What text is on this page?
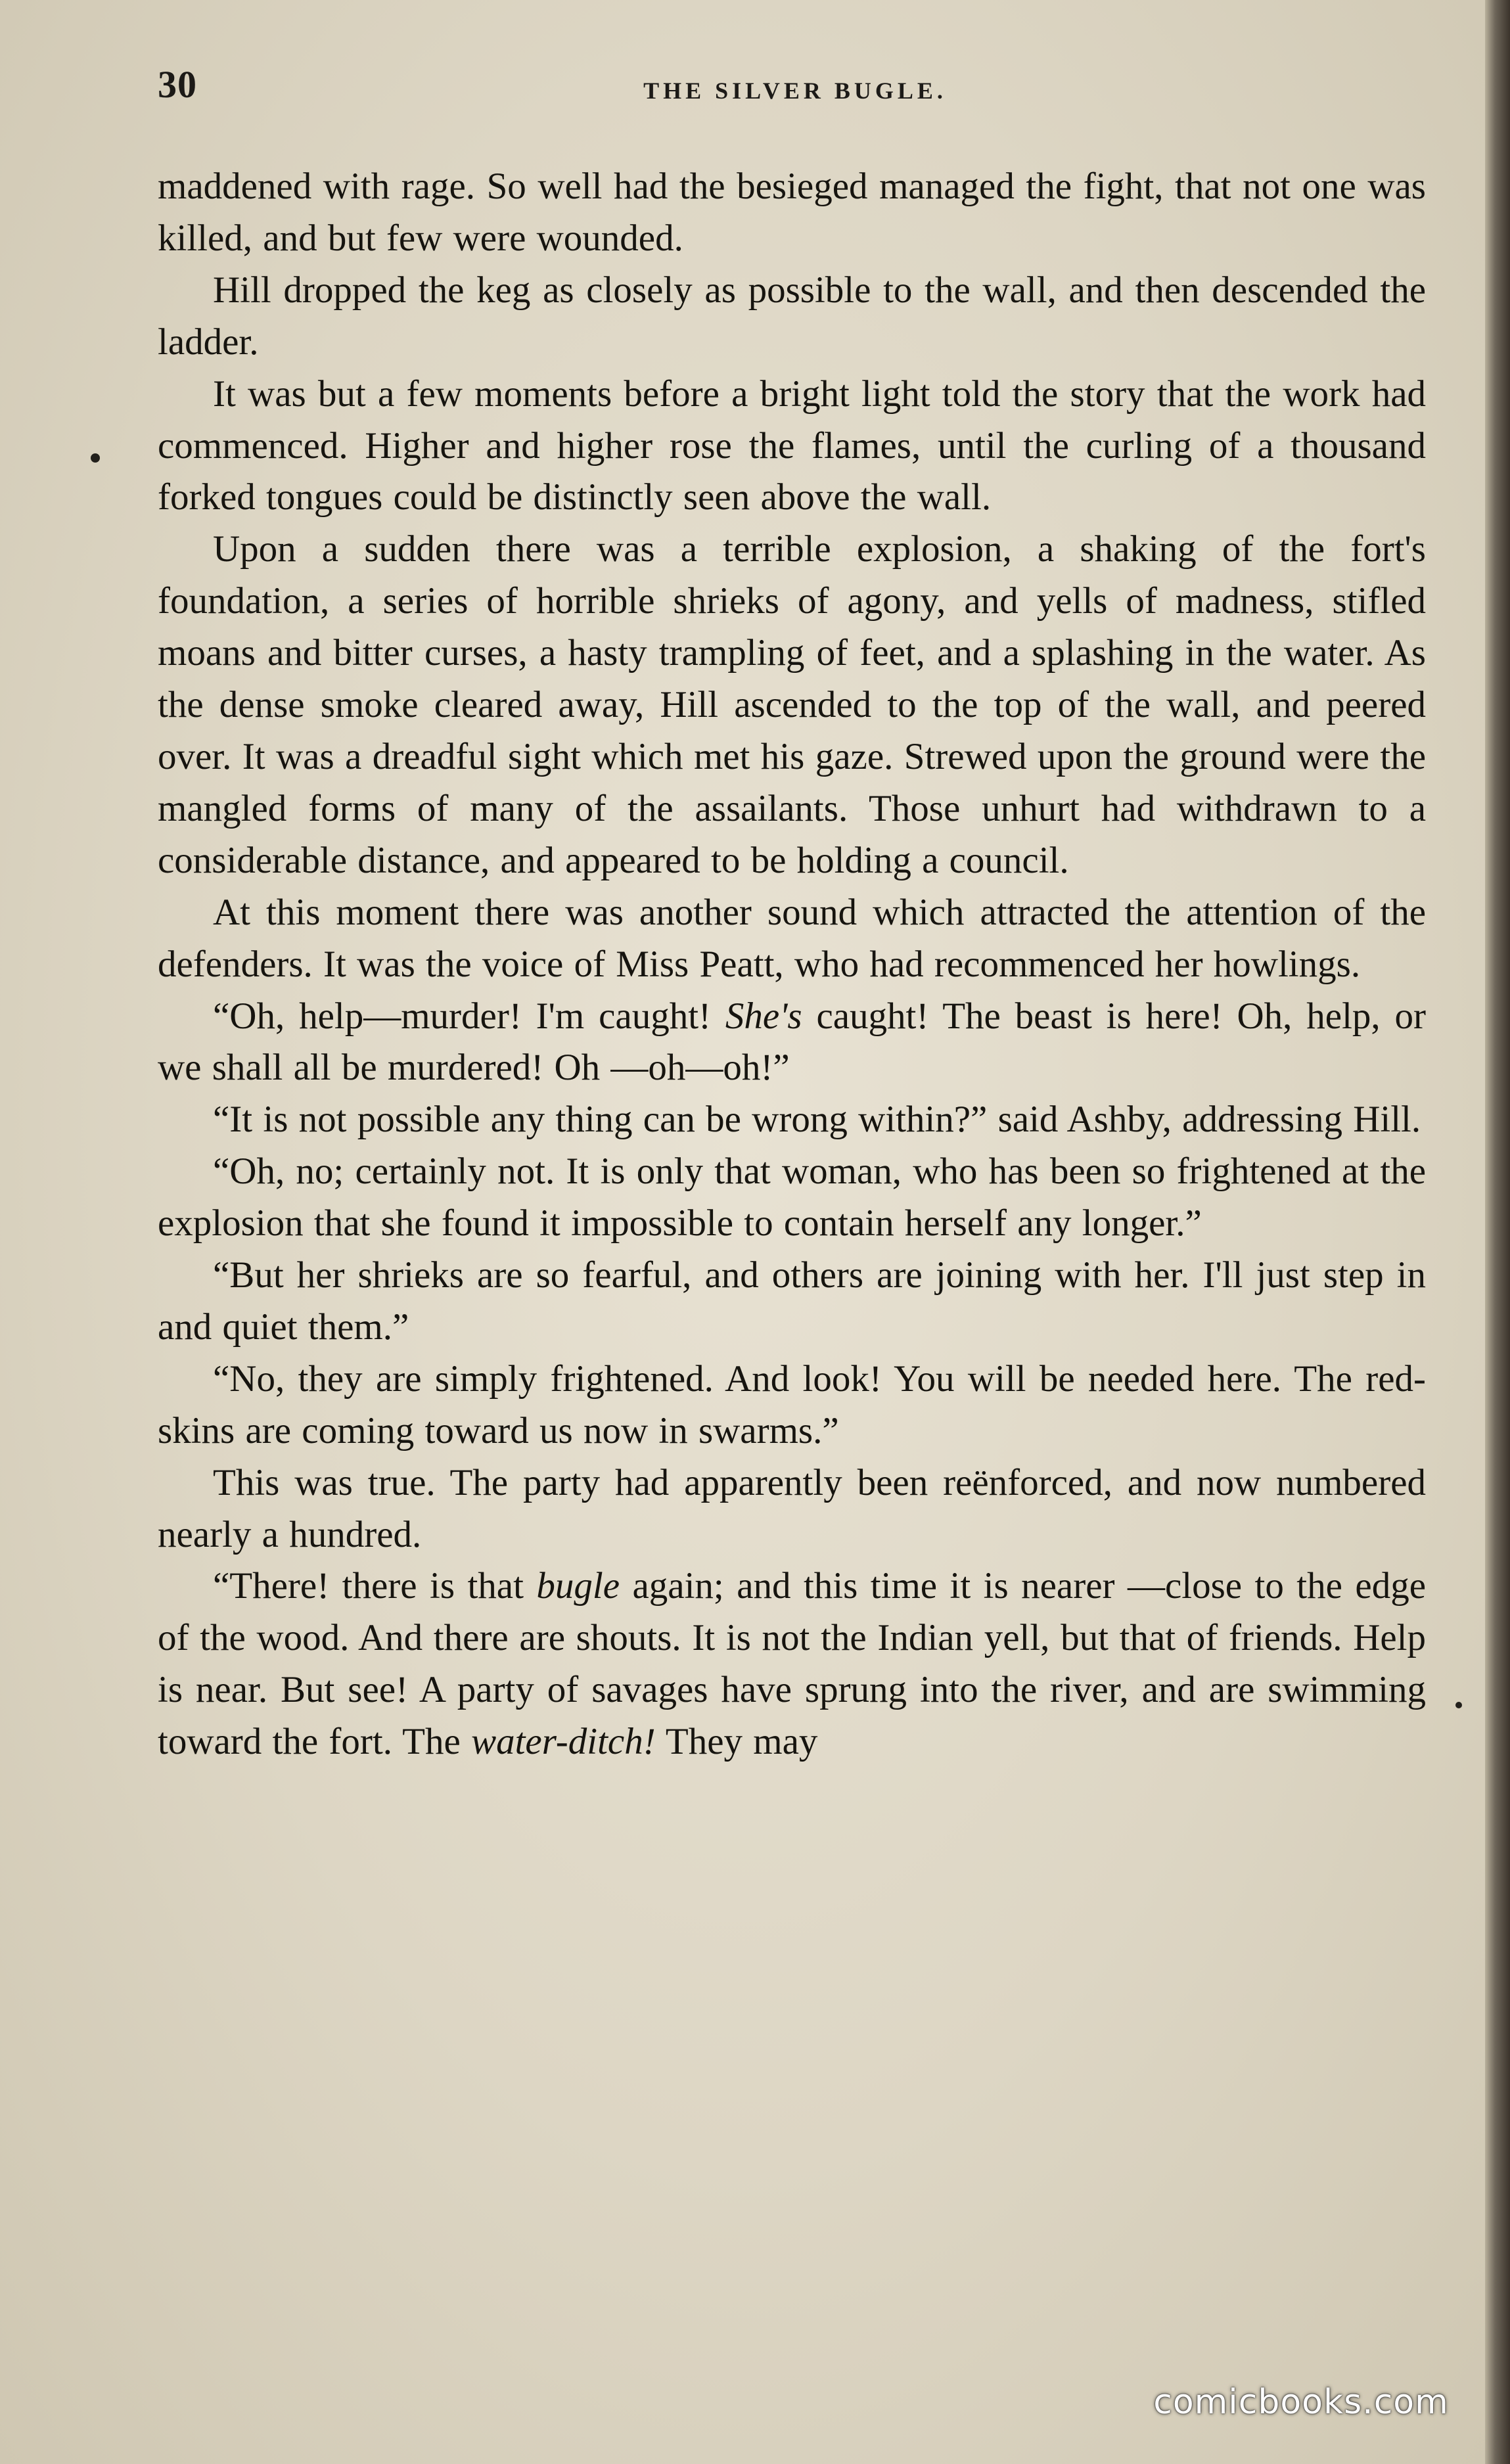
30	THE SILVER BUGLE.

maddened with rage. So well had the besieged managed the fight, that not one was killed, and but few were wounded.

Hill dropped the keg as closely as possible to the wall, and then descended the ladder.

It was but a few moments before a bright light told the story that the work had commenced. Higher and higher rose the flames, until the curling of a thousand forked tongues could be distinctly seen above the wall.

Upon a sudden there was a terrible explosion, a shaking of the fort's foundation, a series of horrible shrieks of agony, and yells of madness, stifled moans and bitter curses, a hasty trampling of feet, and a splashing in the water. As the dense smoke cleared away, Hill ascended to the top of the wall, and peered over. It was a dreadful sight which met his gaze. Strewed upon the ground were the mangled forms of many of the assailants. Those unhurt had withdrawn to a considerable distance, and appeared to be holding a council.

At this moment there was another sound which attracted the attention of the defenders. It was the voice of Miss Peatt, who had recommenced her howlings.

“Oh, help—murder! I'm caught! She's caught! The beast is here! Oh, help, or we shall all be murdered! Oh —oh—oh!”

“It is not possible any thing can be wrong within?” said Ashby, addressing Hill.

“Oh, no; certainly not. It is only that woman, who has been so frightened at the explosion that she found it impossible to contain herself any longer.”

“But her shrieks are so fearful, and others are joining with her. I'll just step in and quiet them.”

“No, they are simply frightened. And look! You will be needed here. The red-skins are coming toward us now in swarms.”

This was true. The party had apparently been reënforced, and now numbered nearly a hundred.

“There! there is that bugle again; and this time it is nearer —close to the edge of the wood. And there are shouts. It is not the Indian yell, but that of friends. Help is near. But see! A party of savages have sprung into the river, and are swimming toward the fort. The water-ditch! They may

comicbooks.com
